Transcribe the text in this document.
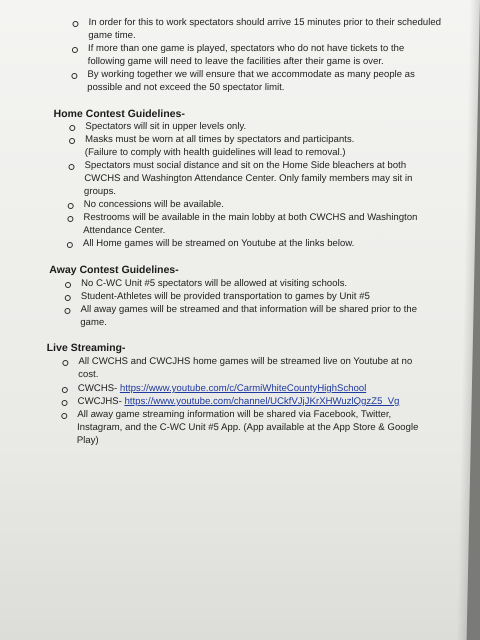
In order for this to work spectators should arrive 15 minutes prior to their scheduled game time.
If more than one game is played, spectators who do not have tickets to the following game will need to leave the facilities after their game is over.
By working together we will ensure that we accommodate as many people as possible and not exceed the 50 spectator limit.
Home Contest Guidelines-
Spectators will sit in upper levels only.
Masks must be worn at all times by spectators and participants.
(Failure to comply with health guidelines will lead to removal.)
Spectators must social distance and sit on the Home Side bleachers at both CWCHS and Washington Attendance Center. Only family members may sit in groups.
No concessions will be available.
Restrooms will be available in the main lobby at both CWCHS and Washington Attendance Center.
All Home games will be streamed on Youtube at the links below.
Away Contest Guidelines-
No C-WC Unit #5 spectators will be allowed at visiting schools.
Student-Athletes will be provided transportation to games by Unit #5
All away games will be streamed and that information will be shared prior to the game.
Live Streaming-
All CWCHS and CWCJHS home games will be streamed live on Youtube at no cost.
CWCHS- https://www.youtube.com/c/CarmiWhiteCountyHighSchool
CWCJHS- https://www.youtube.com/channel/UCkfVJjJKrXHWuzlQgzZ5_Vg
All away game streaming information will be shared via Facebook, Twitter, Instagram, and the C-WC Unit #5 App. (App available at the App Store & Google Play)
